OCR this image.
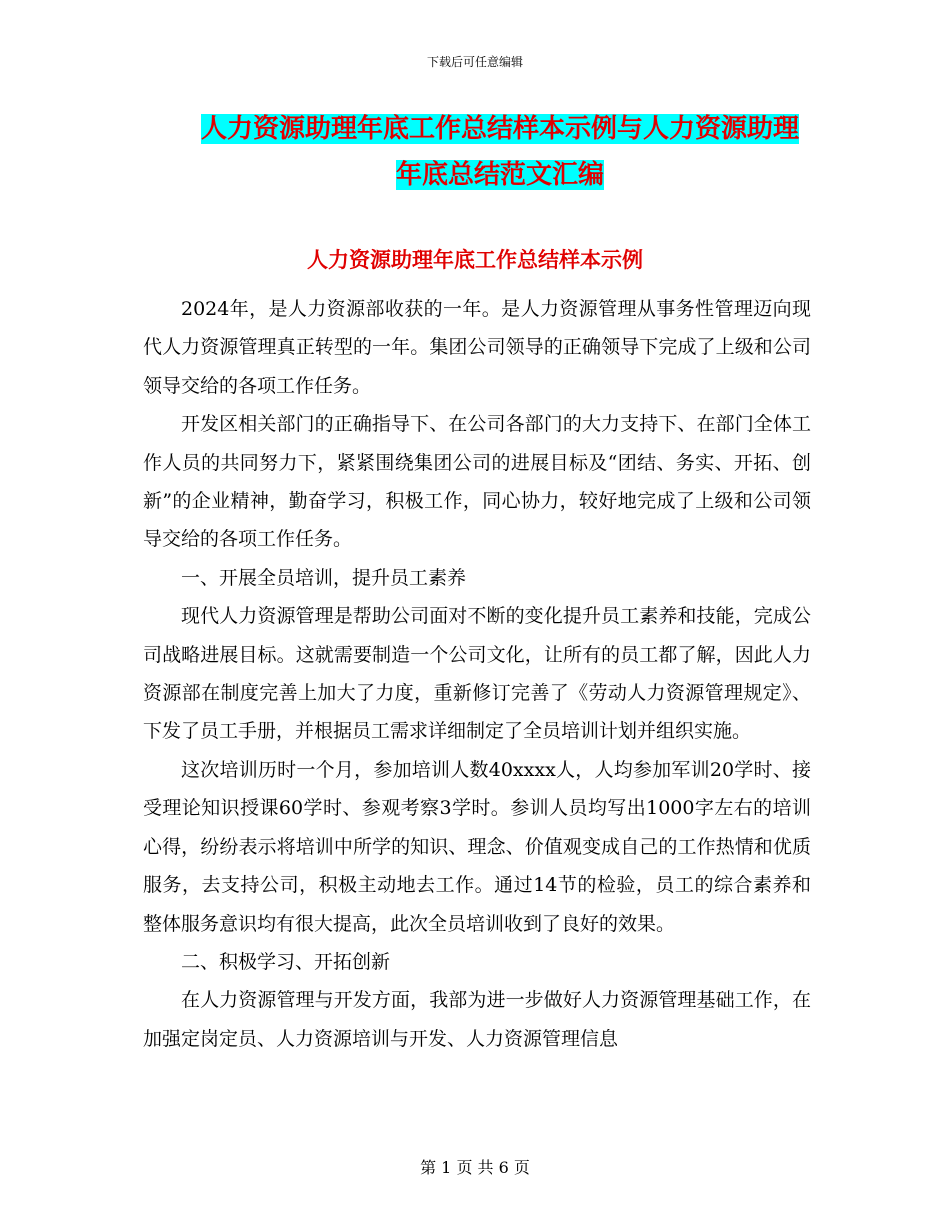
下载后可任意编辑
人力资源助理年底工作总结样本示例与人力资源助理
年底总结范文汇编
人力资源助理年底工作总结样本示例

2024年，是人力资源部收获的一年。是人力资源管理从事务性管理迈向现代人力资源管理真正转型的一年。集团公司领导的正确领导下完成了上级和公司领导交给的各项工作任务。

开发区相关部门的正确指导下、在公司各部门的大力支持下、在部门全体工作人员的共同努力下，紧紧围绕集团公司的进展目标及“团结、务实、开拓、创新”的企业精神，勤奋学习，积极工作，同心协力，较好地完成了上级和公司领导交给的各项工作任务。

一、开展全员培训，提升员工素养

现代人力资源管理是帮助公司面对不断的变化提升员工素养和技能，完成公司战略进展目标。这就需要制造一个公司文化，让所有的员工都了解，因此人力资源部在制度完善上加大了力度，重新修订完善了《劳动人力资源管理规定》、下发了员工手册，并根据员工需求详细制定了全员培训计划并组织实施。

这次培训历时一个月，参加培训人数40xxxx人，人均参加军训20学时、接受理论知识授课60学时、参观考察3学时。参训人员均写出1000字左右的培训心得，纷纷表示将培训中所学的知识、理念、价值观变成自己的工作热情和优质服务，去支持公司，积极主动地去工作。通过14节的检验，员工的综合素养和整体服务意识均有很大提高，此次全员培训收到了良好的效果。

二、积极学习、开拓创新

在人力资源管理与开发方面，我部为进一步做好人力资源管理基础工作，在加强定岗定员、人力资源培训与开发、人力资源管理信息

第 1 页 共 6 页
